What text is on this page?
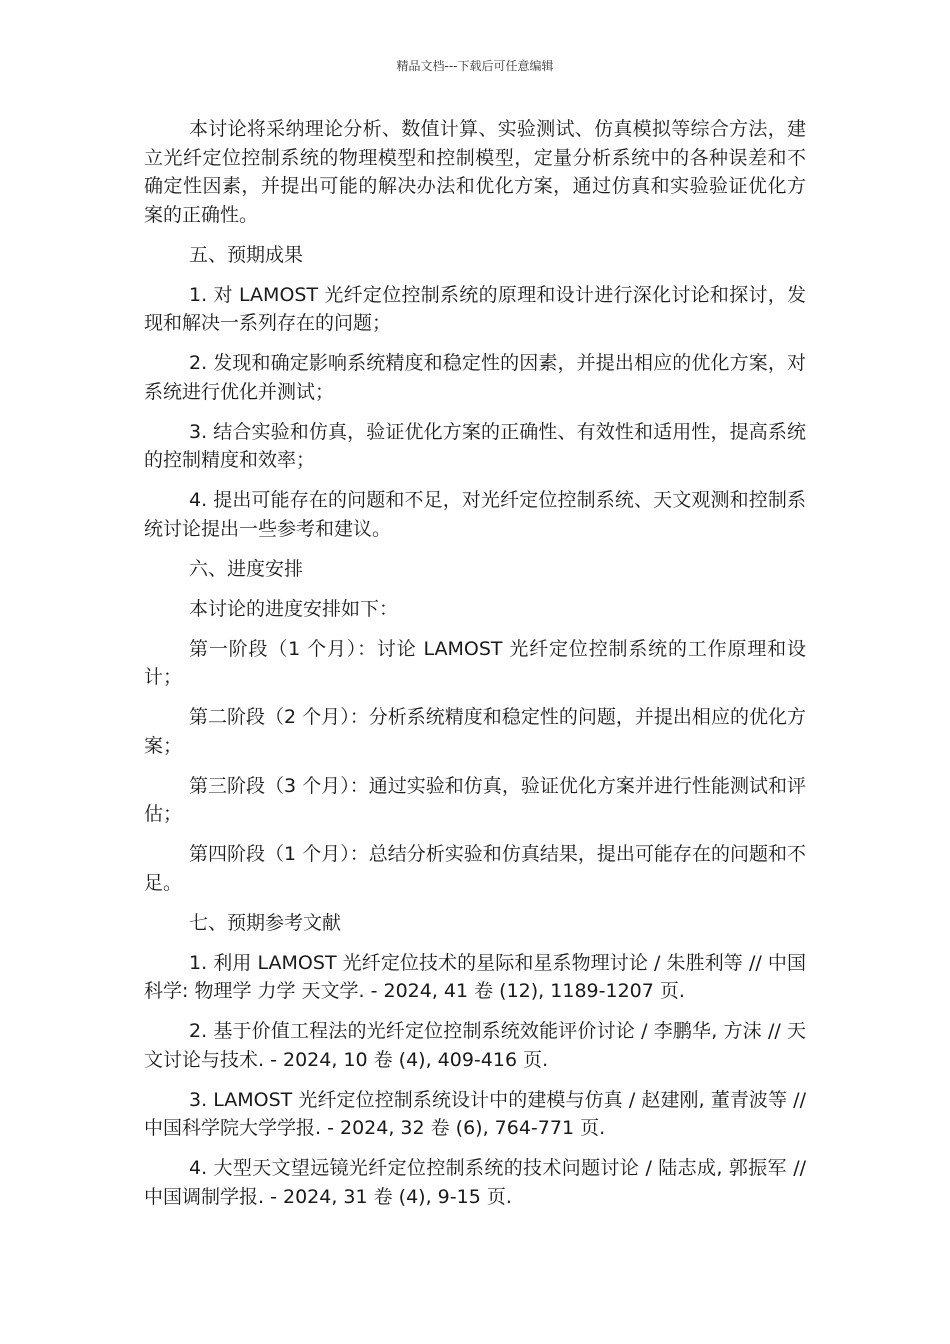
精品文档---下载后可任意编辑

本讨论将采纳理论分析、数值计算、实验测试、仿真模拟等综合方法，建立光纤定位控制系统的物理模型和控制模型，定量分析系统中的各种误差和不确定性因素，并提出可能的解决办法和优化方案，通过仿真和实验验证优化方案的正确性。

五、预期成果

1. 对 LAMOST 光纤定位控制系统的原理和设计进行深化讨论和探讨，发现和解决一系列存在的问题；

2. 发现和确定影响系统精度和稳定性的因素，并提出相应的优化方案，对系统进行优化并测试；

3. 结合实验和仿真，验证优化方案的正确性、有效性和适用性，提高系统的控制精度和效率；

4. 提出可能存在的问题和不足，对光纤定位控制系统、天文观测和控制系统讨论提出一些参考和建议。

六、进度安排

本讨论的进度安排如下：

第一阶段（1 个月）：讨论 LAMOST 光纤定位控制系统的工作原理和设计；

第二阶段（2 个月）：分析系统精度和稳定性的问题，并提出相应的优化方案；

第三阶段（3 个月）：通过实验和仿真，验证优化方案并进行性能测试和评估；

第四阶段（1 个月）：总结分析实验和仿真结果，提出可能存在的问题和不足。

七、预期参考文献

1. 利用 LAMOST 光纤定位技术的星际和星系物理讨论 / 朱胜利等 // 中国科学: 物理学 力学 天文学. - 2024, 41 卷 (12), 1189-1207 页.

2. 基于价值工程法的光纤定位控制系统效能评价讨论 / 李鹏华, 方沫 // 天文讨论与技术. - 2024, 10 卷 (4), 409-416 页.

3. LAMOST 光纤定位控制系统设计中的建模与仿真 / 赵建刚, 董青波等 // 中国科学院大学学报. - 2024, 32 卷 (6), 764-771 页.

4. 大型天文望远镜光纤定位控制系统的技术问题讨论 / 陆志成, 郭振军 // 中国调制学报. - 2024, 31 卷 (4), 9-15 页.
